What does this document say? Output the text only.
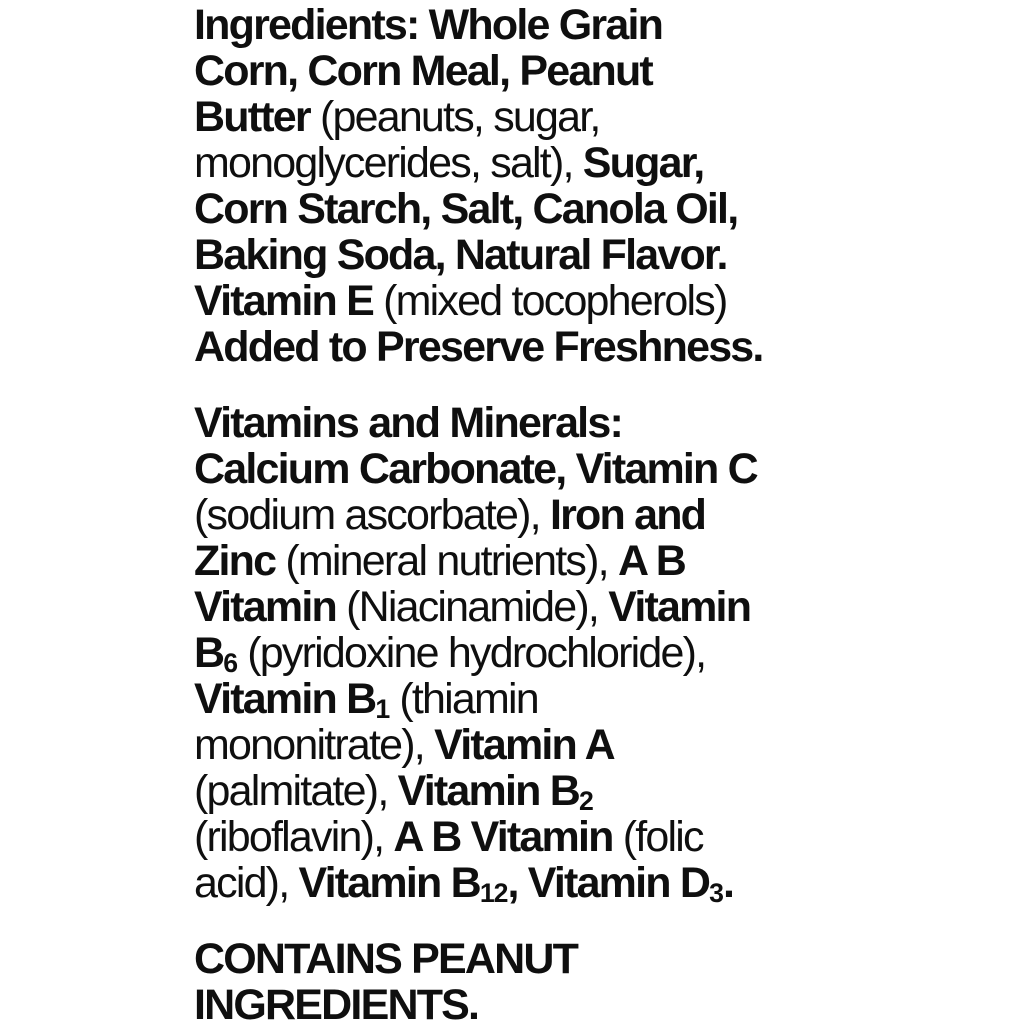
Ingredients: Whole Grain
Corn, Corn Meal, Peanut
Butter (peanuts, sugar,
monoglycerides, salt), Sugar,
Corn Starch, Salt, Canola Oil,
Baking Soda, Natural Flavor.
Vitamin E (mixed tocopherols)
Added to Preserve Freshness.
Vitamins and Minerals:
Calcium Carbonate, Vitamin C
(sodium ascorbate), Iron and
Zinc (mineral nutrients), A B
Vitamin (Niacinamide), Vitamin
$B_6$ (pyridoxine hydrochloride),
Vitamin $B_1$ (thiamin
mononitrate), Vitamin A
(palmitate), Vitamin $B_2$
(riboflavin), A B Vitamin (folic
acid), Vitamin $B_{12}$, Vitamin $D_3$.
CONTAINS PEANUT
INGREDIENTS.
